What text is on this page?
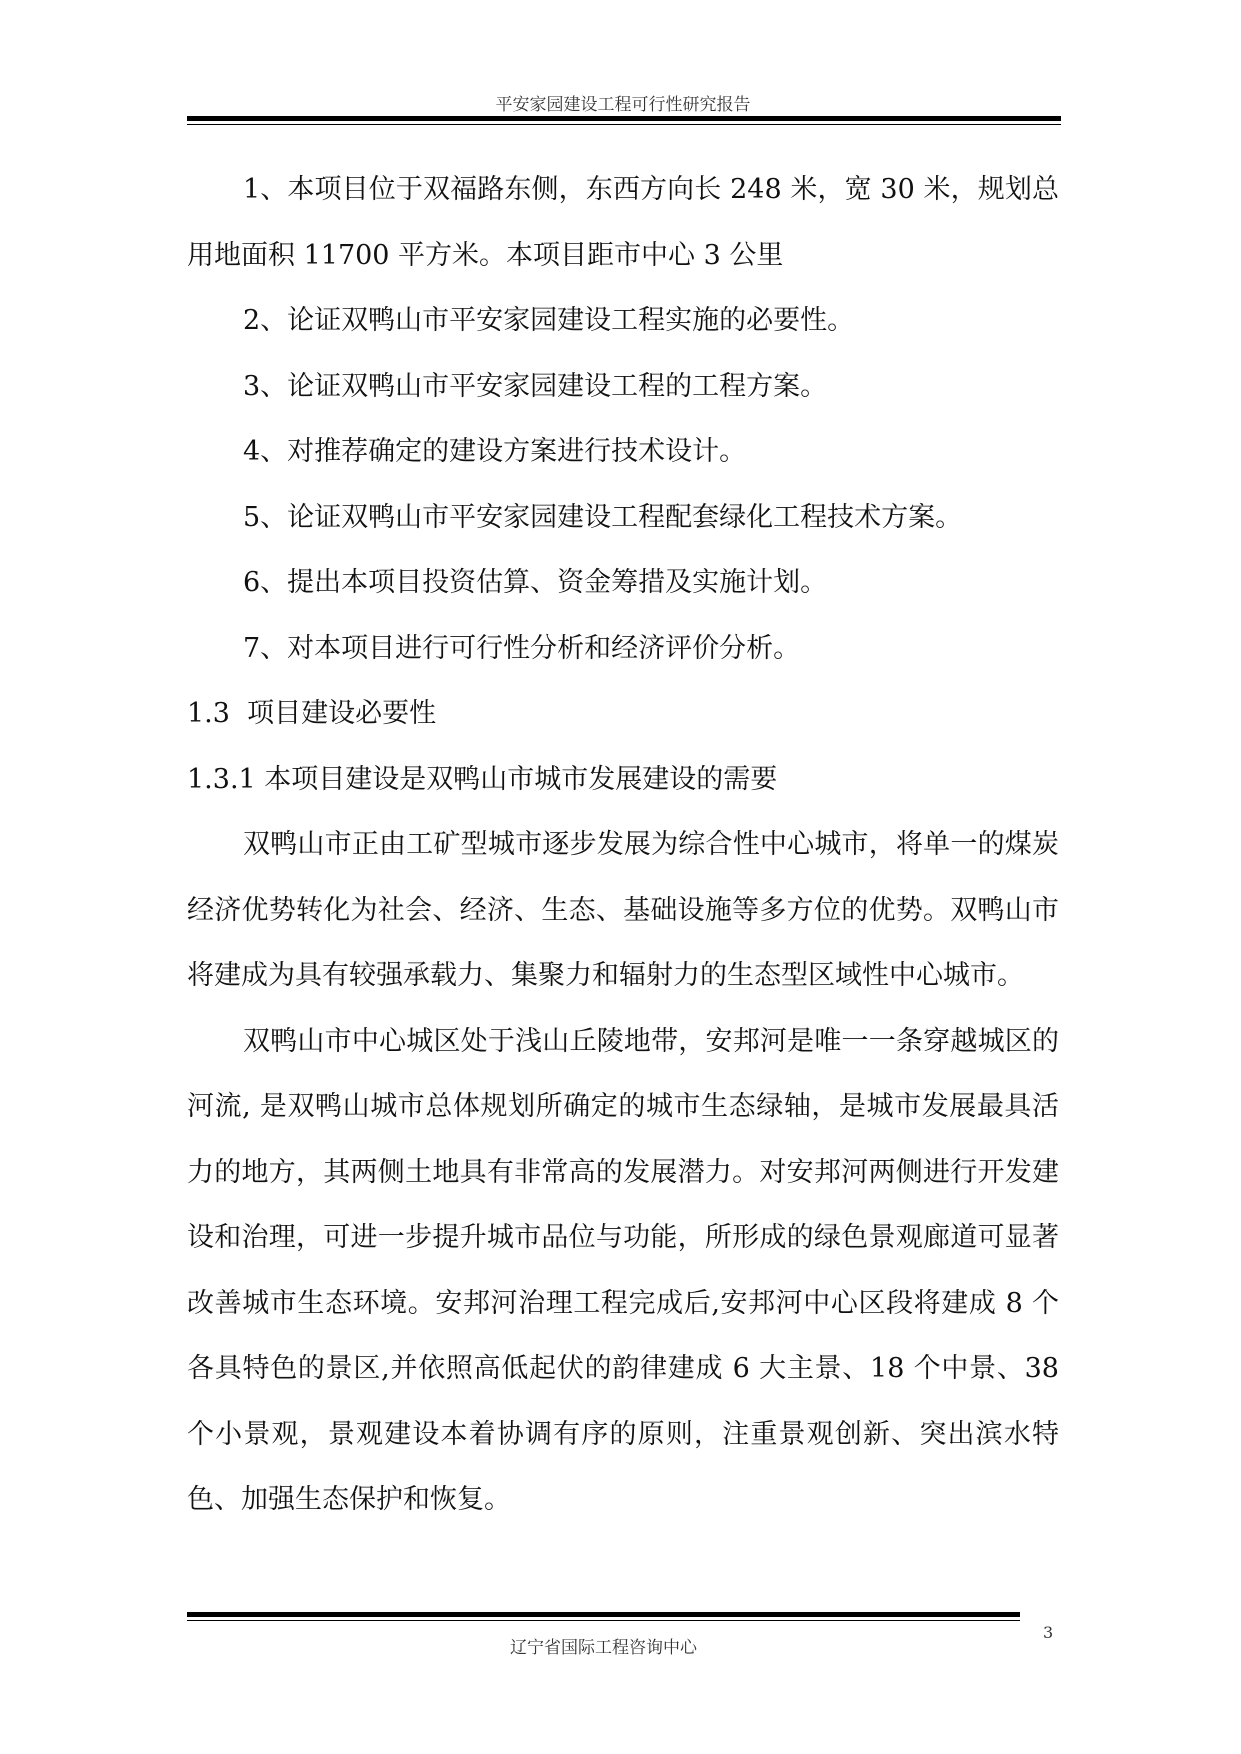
平安家园建设工程可行性研究报告

1、本项目位于双福路东侧，东西方向长 248 米，宽 30 米，规划总用地面积 11700 平方米。本项目距市中心 3 公里

2、论证双鸭山市平安家园建设工程实施的必要性。

3、论证双鸭山市平安家园建设工程的工程方案。

4、对推荐确定的建设方案进行技术设计。

5、论证双鸭山市平安家园建设工程配套绿化工程技术方案。

6、提出本项目投资估算、资金筹措及实施计划。

7、对本项目进行可行性分析和经济评价分析。

1.3  项目建设必要性

1.3.1 本项目建设是双鸭山市城市发展建设的需要

双鸭山市正由工矿型城市逐步发展为综合性中心城市，将单一的煤炭经济优势转化为社会、经济、生态、基础设施等多方位的优势。双鸭山市将建成为具有较强承载力、集聚力和辐射力的生态型区域性中心城市。

双鸭山市中心城区处于浅山丘陵地带，安邦河是唯一一条穿越城区的河流, 是双鸭山城市总体规划所确定的城市生态绿轴，是城市发展最具活力的地方，其两侧土地具有非常高的发展潜力。对安邦河两侧进行开发建设和治理，可进一步提升城市品位与功能，所形成的绿色景观廊道可显著改善城市生态环境。安邦河治理工程完成后,安邦河中心区段将建成 8 个各具特色的景区,并依照高低起伏的韵律建成 6 大主景、18 个中景、38 个小景观，景观建设本着协调有序的原则，注重景观创新、突出滨水特色、加强生态保护和恢复。

辽宁省国际工程咨询中心
3
